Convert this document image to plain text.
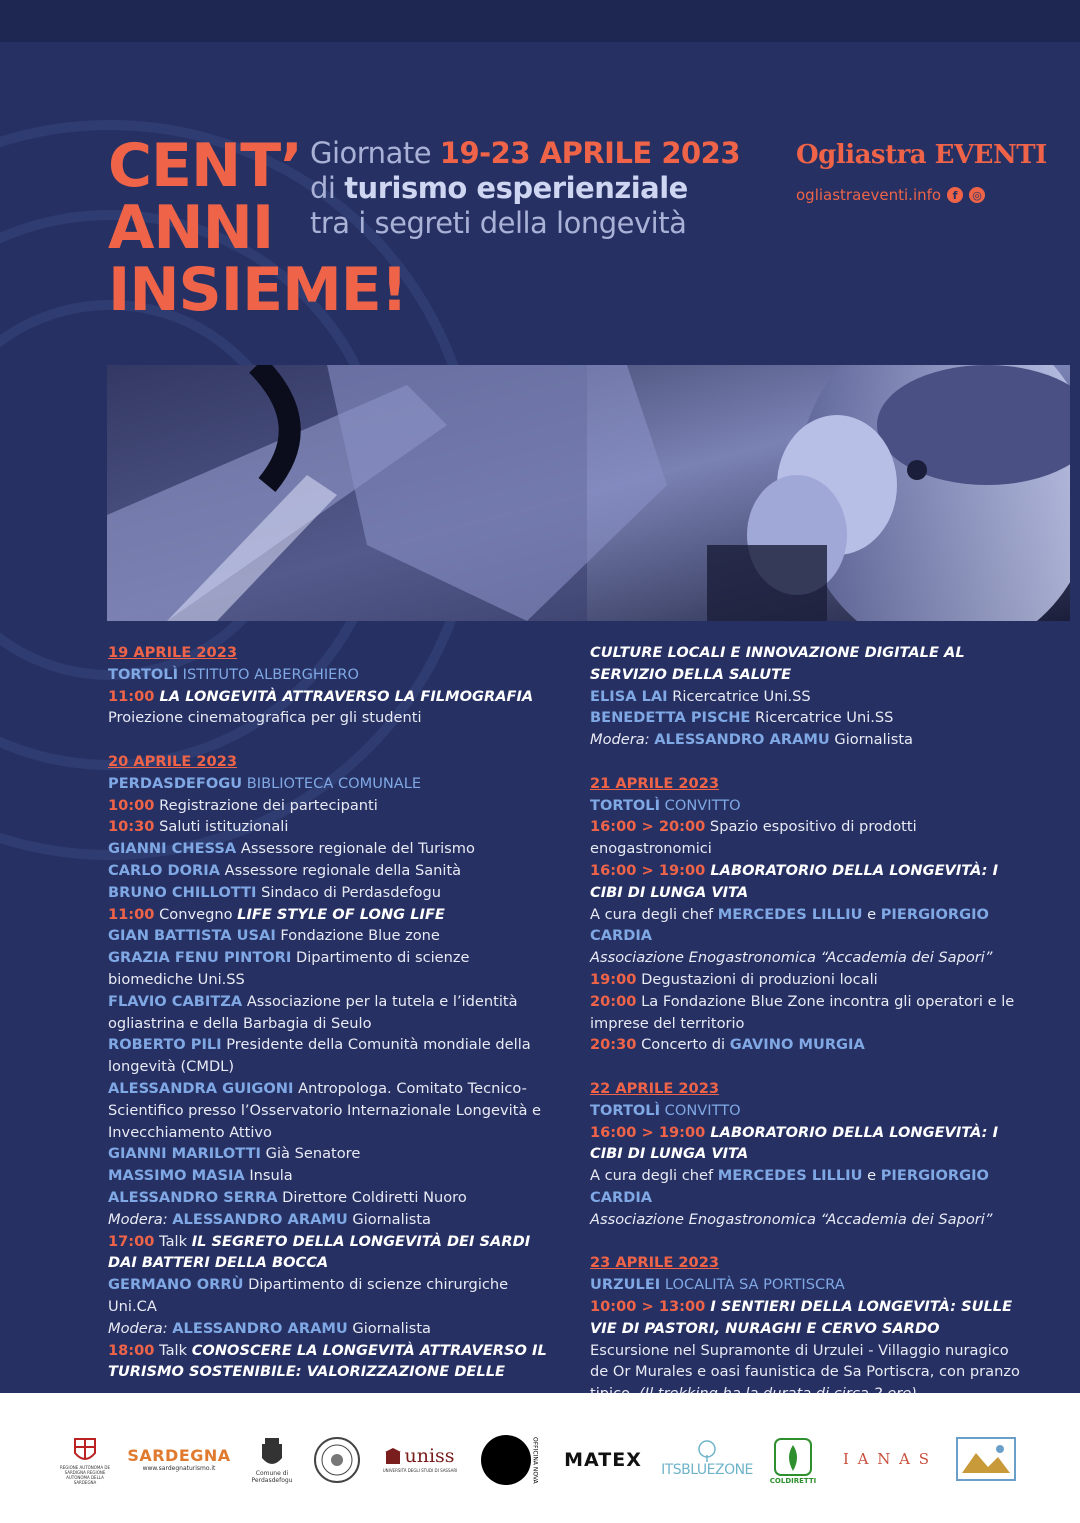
CENT’
ANNI
INSIEME!
Giornate 19-23 APRILE 2023
di turismo esperienziale
tra i segreti della longevità
Ogliastra EVENTI
ogliastraeventi.info	f	◎

19 APRILE 2023

TORTOLÌ ISTITUTO ALBERGHIERO

11:00 LA LONGEVITÀ ATTRAVERSO LA FILMOGRAFIA

Proiezione cinematografica per gli studenti

20 APRILE 2023

PERDASDEFOGU BIBLIOTECA COMUNALE

10:00 Registrazione dei partecipanti

10:30 Saluti istituzionali

GIANNI CHESSA Assessore regionale del Turismo

CARLO DORIA Assessore regionale della Sanità

BRUNO CHILLOTTI Sindaco di Perdasdefogu

11:00 Convegno LIFE STYLE OF LONG LIFE

GIAN BATTISTA USAI Fondazione Blue zone

GRAZIA FENU PINTORI Dipartimento di scienze biomediche Uni.SS

FLAVIO CABITZA Associazione per la tutela e l’identità ogliastrina e della Barbagia di Seulo

ROBERTO PILI Presidente della Comunità mondiale della longevità (CMDL)

ALESSANDRA GUIGONI Antropologa. Comitato Tecnico-Scientifico presso l’Osservatorio Internazionale Longevità e Invecchiamento Attivo

GIANNI MARILOTTI Già Senatore

MASSIMO MASIA Insula

ALESSANDRO SERRA Direttore Coldiretti Nuoro

Modera: ALESSANDRO ARAMU Giornalista

17:00 Talk IL SEGRETO DELLA LONGEVITÀ DEI SARDI DAI BATTERI DELLA BOCCA

GERMANO ORRÙ Dipartimento di scienze chirurgiche Uni.CA

Modera: ALESSANDRO ARAMU Giornalista

18:00 Talk CONOSCERE LA LONGEVITÀ ATTRAVERSO IL TURISMO SOSTENIBILE: VALORIZZAZIONE DELLE

CULTURE LOCALI E INNOVAZIONE DIGITALE AL SERVIZIO DELLA SALUTE

ELISA LAI Ricercatrice Uni.SS

BENEDETTA PISCHE Ricercatrice Uni.SS

Modera: ALESSANDRO ARAMU Giornalista

21 APRILE 2023

TORTOLÌ CONVITTO

16:00 > 20:00 Spazio espositivo di prodotti enogastronomici

16:00 > 19:00 LABORATORIO DELLA LONGEVITÀ: I CIBI DI LUNGA VITA

A cura degli chef MERCEDES LILLIU e PIERGIORGIO CARDIA

Associazione Enogastronomica “Accademia dei Sapori”

19:00 Degustazioni di produzioni locali

20:00 La Fondazione Blue Zone incontra gli operatori e le imprese del territorio

20:30 Concerto di GAVINO MURGIA

22 APRILE 2023

TORTOLÌ CONVITTO

16:00 > 19:00 LABORATORIO DELLA LONGEVITÀ: I CIBI DI LUNGA VITA

A cura degli chef MERCEDES LILLIU e PIERGIORGIO CARDIA

Associazione Enogastronomica “Accademia dei Sapori”

23 APRILE 2023

URZULEI LOCALITÀ SA PORTISCRA

10:00 > 13:00 I SENTIERI DELLA LONGEVITÀ: SULLE VIE DI PASTORI, NURAGHI E CERVO SARDO

Escursione nel Supramonte di Urzulei - Villaggio nuragico de Or Murales e oasi faunistica de Sa Portiscra, con pranzo

REGIONE AUTONOMA DE SARDIGNA REGIONE AUTONOMA DELLA SARDEGNA
SARDEGNA
www.sardegnaturismo.it
Comune di Perdasdefogu
uniss
UNIVERSITÀ DEGLI STUDI DI SASSARI	OFFICINA NOVA MATEX ITSBLUEZONE
COLDIRETTI
I A N A S
